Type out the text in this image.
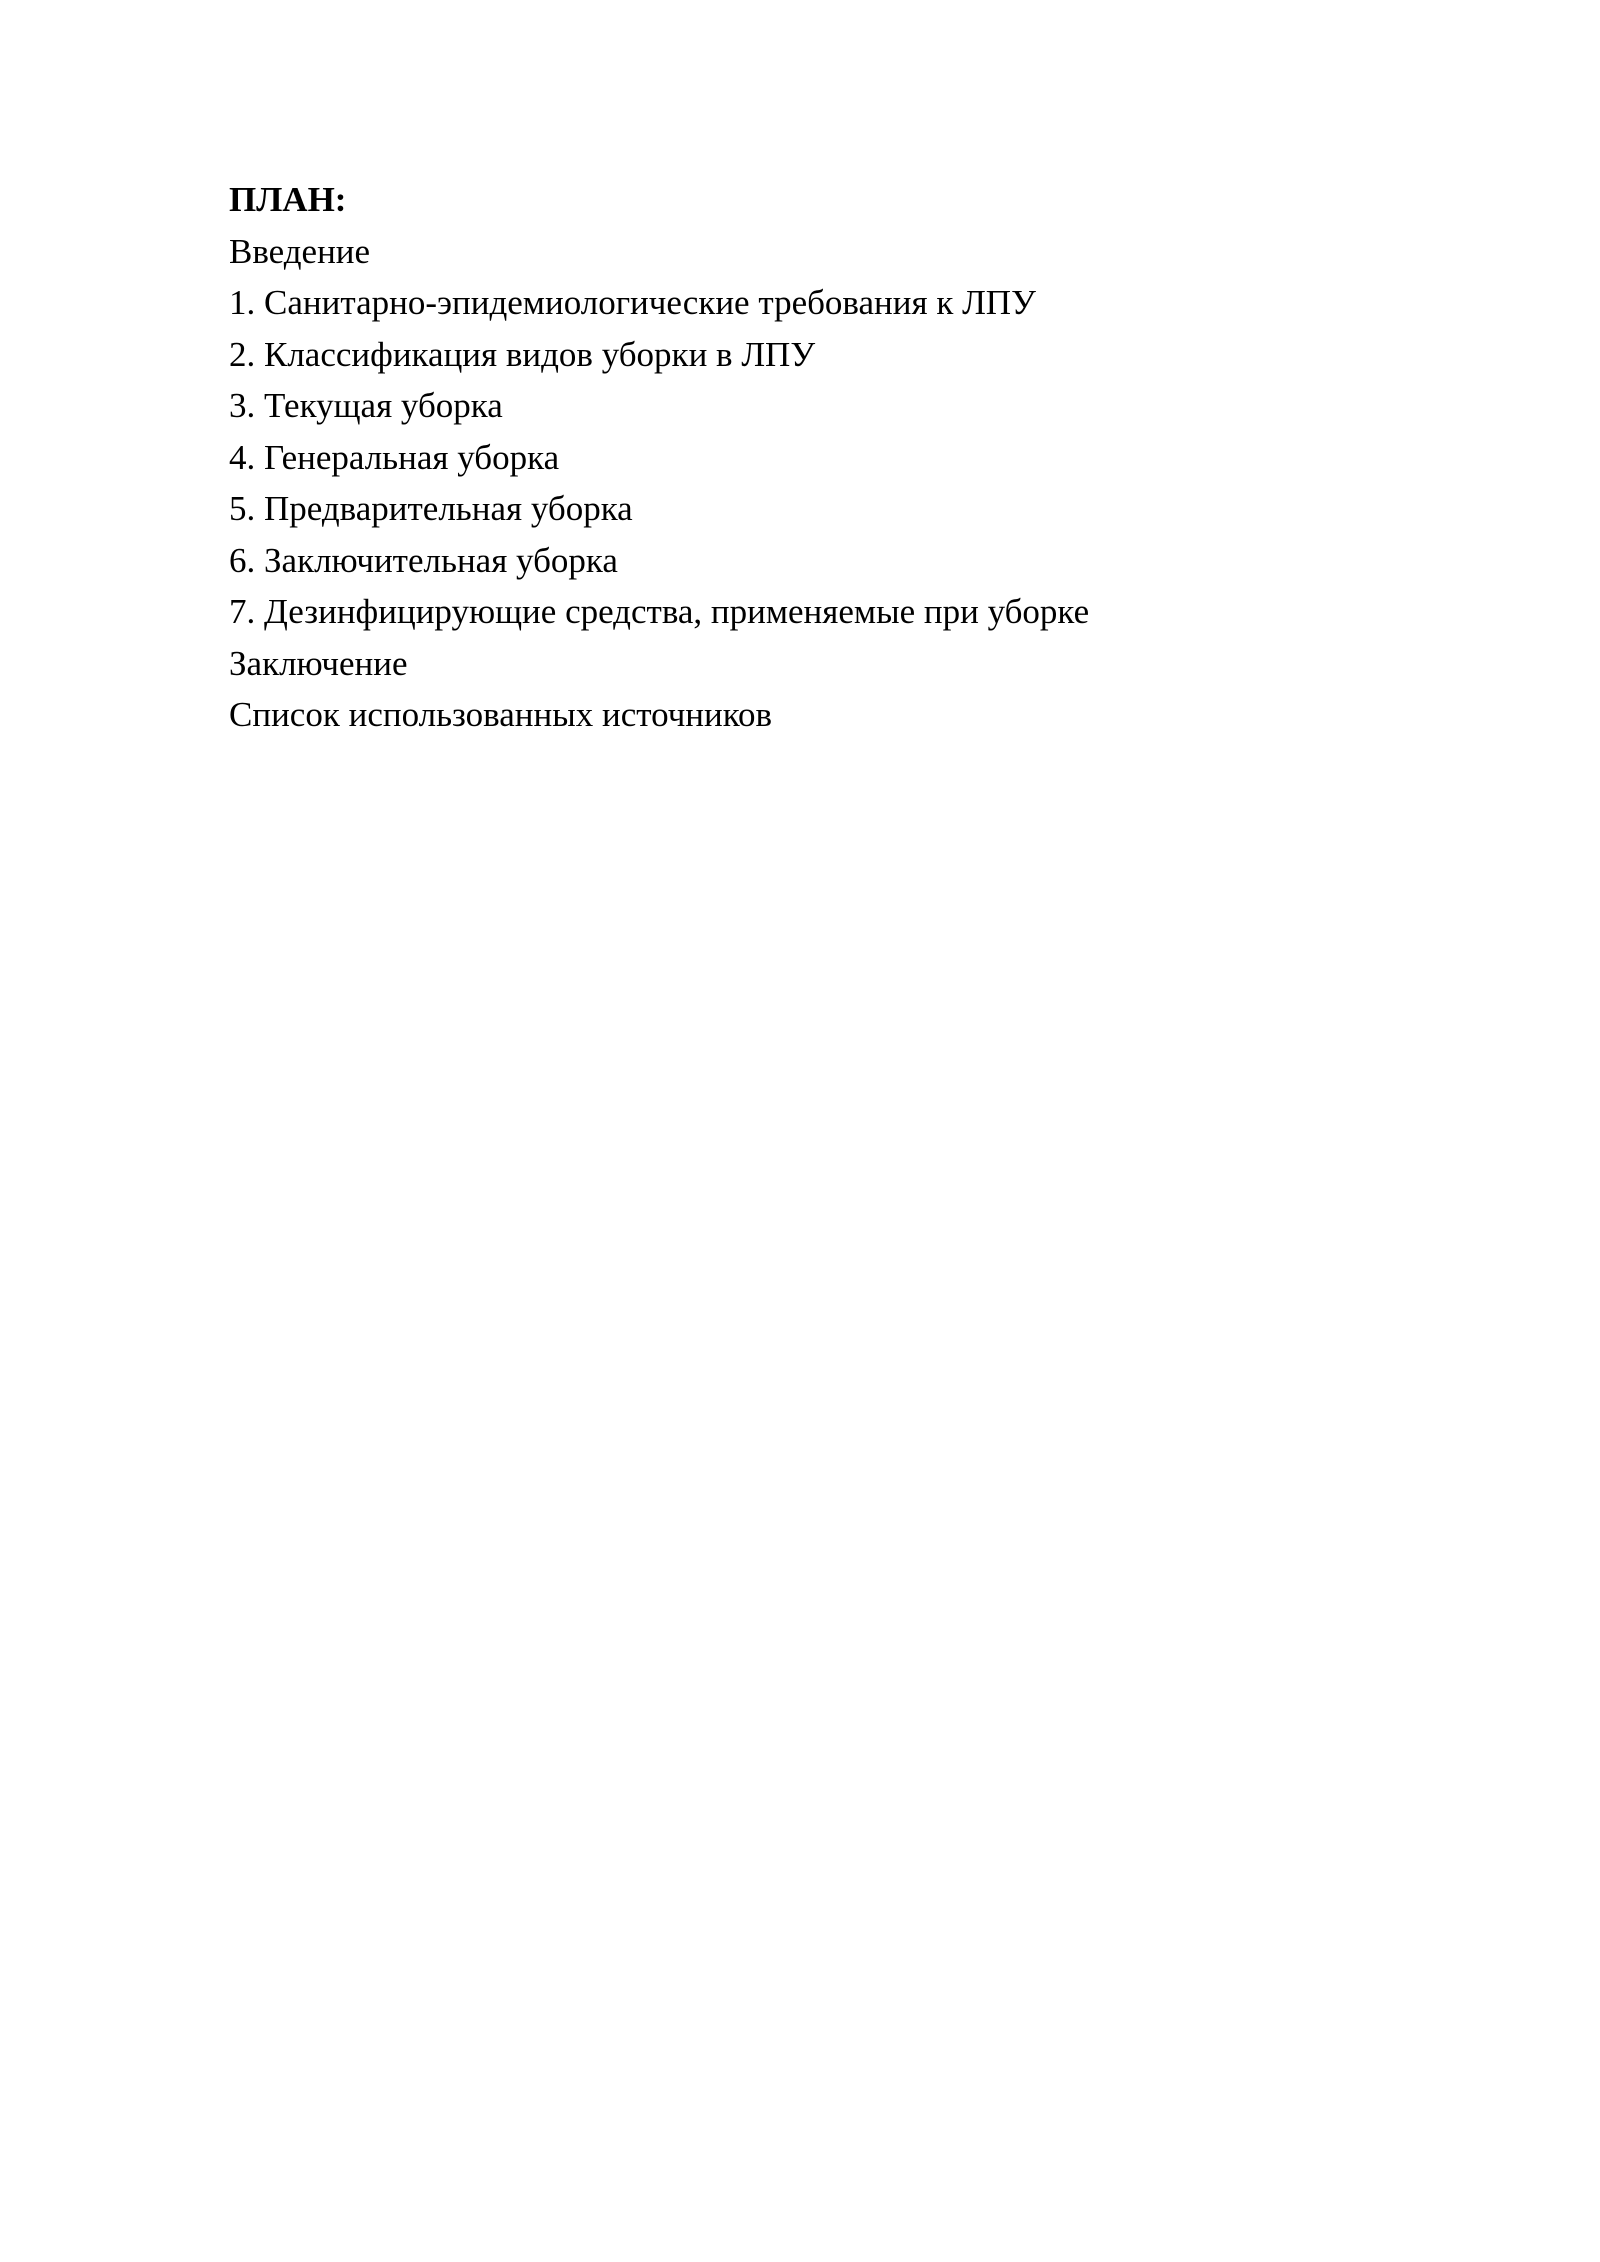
ПЛАН:
Введение
1. Санитарно-эпидемиологические требования к ЛПУ
2. Классификация видов уборки в ЛПУ
3. Текущая уборка
4. Генеральная уборка
5. Предварительная уборка
6. Заключительная уборка
7. Дезинфицирующие средства, применяемые при уборке
Заключение
Список использованных источников
